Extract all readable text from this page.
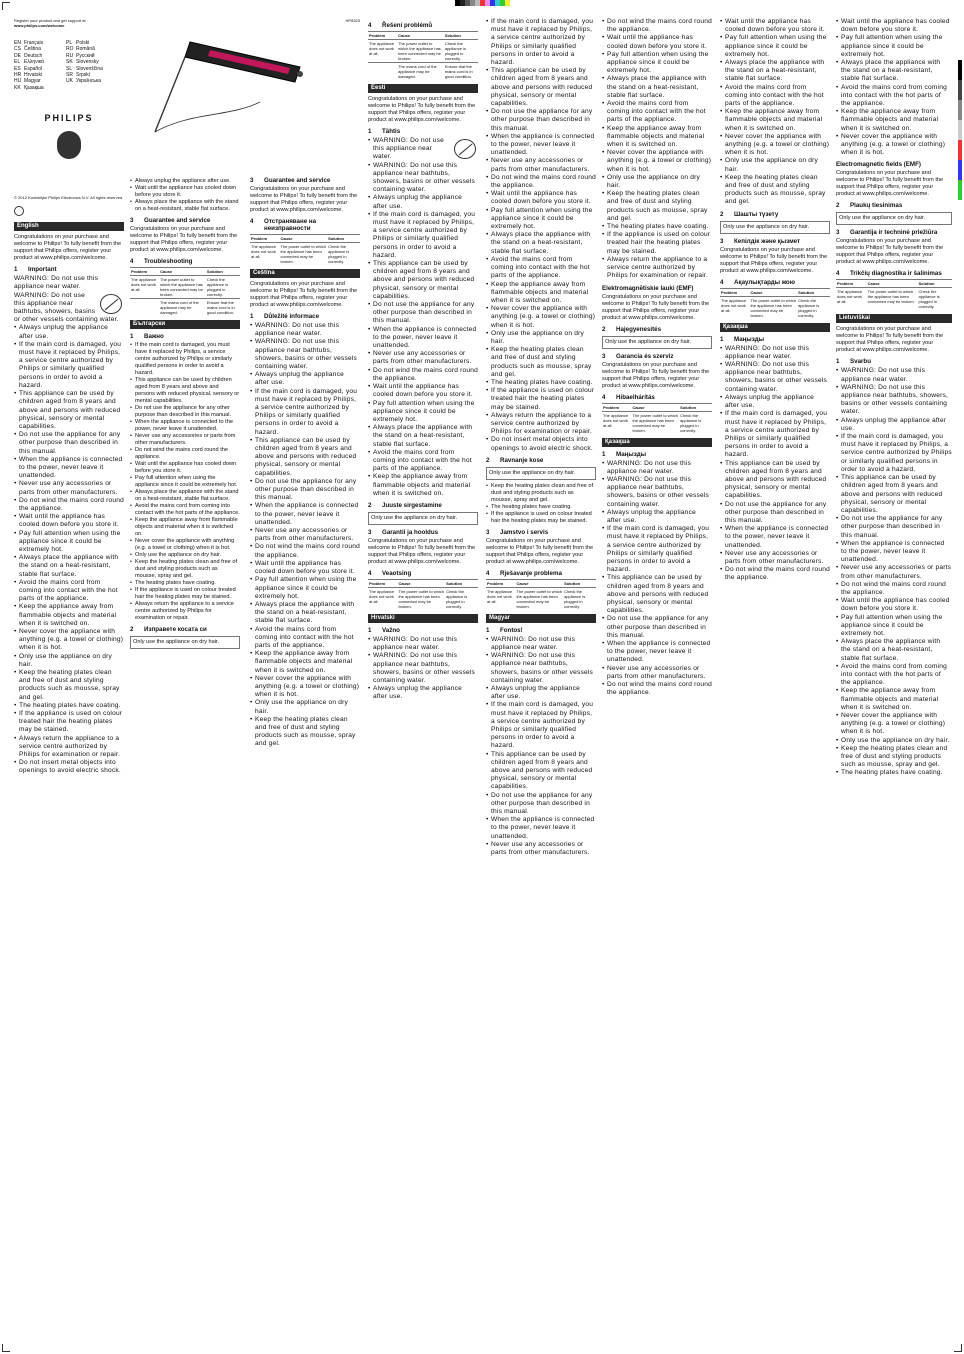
Register your product and get support at
www.philips.com/welcome
EN Français	PL Polski
CS Čeština	RO Română
DE Deutsch	RU Русский
EL Ελληνικά	SK Slovensky
ES Español	SL Slovenščina
HR Hrvatski	SR Srpski
HU Magyar	UK Українська
KK Қазақша
PHILIPS
© 2012 Koninklijke Philips Electronics N.V. All rights reserved.
English
Congratulations on your purchase and welcome to Philips! To fully benefit from the support that Philips offers, register your product at www.philips.com/welcome.
1	Important
WARNING: Do not use this appliance near water.
WARNING: Do not use this appliance near bathtubs, showers, basins or other vessels containing water.
• Always unplug the appliance after use.
• If the main cord is damaged, you must have it replaced by Philips, a service centre authorized by Philips or similarly qualified persons in order to avoid a hazard.
• This appliance can be used by children aged from 8 years and above and persons with reduced physical, sensory or mental capabilities.
• Do not use the appliance for any other purpose than described in this manual.
• When the appliance is connected to the power, never leave it unattended.
• Never use any accessories or parts from other manufacturers.
• Do not wind the mains cord round the appliance.
• Wait until the appliance has cooled down before you store it.
• Pay full attention when using the appliance since it could be extremely hot.
• Always place the appliance with the stand on a heat-resistant, stable flat surface.
• Avoid the mains cord from coming into contact with the hot parts of the appliance.
• Keep the appliance away from flammable objects and material when it is switched on.
• Never cover the appliance with anything (e.g. a towel or clothing) when it is hot.
• Only use the appliance on dry hair.
• Keep the heating plates clean and free of dust and styling products such as mousse, spray and gel.
• The heating plates have coating.
• If the appliance is used on colour treated hair the heating plates may be stained.
• Always return the appliance to a service centre authorized by Philips for examination or repair.
• Do not insert metal objects into openings to avoid electric shock.
• Always unplug the appliance after use.
• Wait until the appliance has cooled down before you store it.
• Always place the appliance with the stand on a heat-resistant, stable flat surface.
3	Guarantee and service
Congratulations on your purchase and welcome to Philips! To fully benefit from the support that Philips offers, register your product at www.philips.com/welcome.
4	Troubleshooting
Problem	Cause	Solution
The appliance does not work at all.	The power outlet to which the appliance has been connected may be broken.	Check the appliance is plugged in correctly.
	The mains cord of the appliance may be damaged.	Ensure that the mains cord is in good condition.
Български
1	Важно
• If the main cord is damaged, you must have it replaced by Philips, a service centre authorized by Philips or similarly qualified persons in order to avoid a hazard.
• This appliance can be used by children aged from 8 years and above and persons with reduced physical, sensory or mental capabilities.
• Do not use the appliance for any other purpose than described in this manual.
• When the appliance is connected to the power, never leave it unattended.
• Never use any accessories or parts from other manufacturers.
• Do not wind the mains cord round the appliance.
• Wait until the appliance has cooled down before you store it.
• Pay full attention when using the appliance since it could be extremely hot.
• Always place the appliance with the stand on a heat-resistant, stable flat surface.
• Avoid the mains cord from coming into contact with the hot parts of the appliance.
• Keep the appliance away from flammable objects and material when it is switched on.
• Never cover the appliance with anything (e.g. a towel or clothing) when it is hot.
• Only use the appliance on dry hair.
• Keep the heating plates clean and free of dust and styling products such as mousse, spray and gel.
• The heating plates have coating.
• If the appliance is used on colour treated hair the heating plates may be stained.
• Always return the appliance to a service centre authorized by Philips for examination or repair.
2	Изправете косата си
Only use the appliance on dry hair.
HP8323
3	Guarantee and service
Congratulations on your purchase and welcome to Philips! To fully benefit from the support that Philips offers, register your product at www.philips.com/welcome.
4	Отстраняване на неизправности
Problem	Cause	Solution
The appliance does not work at all.	The power outlet to which the appliance has been connected may be broken.	Check the appliance is plugged in correctly.
Čeština
Congratulations on your purchase and welcome to Philips! To fully benefit from the support that Philips offers, register your product at www.philips.com/welcome.
1	Důležité informace
• WARNING: Do not use this appliance near water.
• WARNING: Do not use this appliance near bathtubs, showers, basins or other vessels containing water.
• Always unplug the appliance after use.
• If the main cord is damaged, you must have it replaced by Philips, a service centre authorized by Philips or similarly qualified persons in order to avoid a hazard.
• This appliance can be used by children aged from 8 years and above and persons with reduced physical, sensory or mental capabilities.
• Do not use the appliance for any other purpose than described in this manual.
• When the appliance is connected to the power, never leave it unattended.
• Never use any accessories or parts from other manufacturers.
• Do not wind the mains cord round the appliance.
• Wait until the appliance has cooled down before you store it.
• Pay full attention when using the appliance since it could be extremely hot.
• Always place the appliance with the stand on a heat-resistant, stable flat surface.
• Avoid the mains cord from coming into contact with the hot parts of the appliance.
• Keep the appliance away from flammable objects and material when it is switched on.
• Never cover the appliance with anything (e.g. a towel or clothing) when it is hot.
• Only use the appliance on dry hair.
• Keep the heating plates clean and free of dust and styling products such as mousse, spray and gel.
4	Řešení problémů
Problem	Cause	Solution
The appliance does not work at all.	The power outlet to which the appliance has been connected may be broken.	Check the appliance is plugged in correctly.
	The mains cord of the appliance may be damaged.	Ensure that the mains cord is in good condition.
Eesti
Congratulations on your purchase and welcome to Philips! To fully benefit from the support that Philips offers, register your product at www.philips.com/welcome.
1	Tähtis
• WARNING: Do not use this appliance near water.
• WARNING: Do not use this appliance near bathtubs, showers, basins or other vessels containing water.
• Always unplug the appliance after use.
• If the main cord is damaged, you must have it replaced by Philips, a service centre authorized by Philips or similarly qualified persons in order to avoid a hazard.
• This appliance can be used by children aged from 8 years and above and persons with reduced physical, sensory or mental capabilities.
• Do not use the appliance for any other purpose than described in this manual.
• When the appliance is connected to the power, never leave it unattended.
• Never use any accessories or parts from other manufacturers.
• Do not wind the mains cord round the appliance.
• Wait until the appliance has cooled down before you store it.
• Pay full attention when using the appliance since it could be extremely hot.
• Always place the appliance with the stand on a heat-resistant, stable flat surface.
• Avoid the mains cord from coming into contact with the hot parts of the appliance.
• Keep the appliance away from flammable objects and material when it is switched on.
2	Juuste sirgestamine
Only use the appliance on dry hair.
3	Garantii ja hooldus
Congratulations on your purchase and welcome to Philips! To fully benefit from the support that Philips offers, register your product at www.philips.com/welcome.
4	Veaotsing
Problem	Cause	Solution
The appliance does not work at all.	The power outlet to which the appliance has been connected may be broken.	Check the appliance is plugged in correctly.
Hrvatski
1	Važno
• WARNING: Do not use this appliance near water.
• WARNING: Do not use this appliance near bathtubs, showers, basins or other vessels containing water.
• Always unplug the appliance after use.
• If the main cord is damaged, you must have it replaced by Philips, a service centre authorized by Philips or similarly qualified persons in order to avoid a hazard.
• This appliance can be used by children aged from 8 years and above and persons with reduced physical, sensory or mental capabilities.
• Do not use the appliance for any other purpose than described in this manual.
• When the appliance is connected to the power, never leave it unattended.
• Never use any accessories or parts from other manufacturers.
• Do not wind the mains cord round the appliance.
• Wait until the appliance has cooled down before you store it.
• Pay full attention when using the appliance since it could be extremely hot.
• Always place the appliance with the stand on a heat-resistant, stable flat surface.
• Avoid the mains cord from coming into contact with the hot parts of the appliance.
• Keep the appliance away from flammable objects and material when it is switched on.
• Never cover the appliance with anything (e.g. a towel or clothing) when it is hot.
• Only use the appliance on dry hair.
• Keep the heating plates clean and free of dust and styling products such as mousse, spray and gel.
• The heating plates have coating.
• If the appliance is used on colour treated hair the heating plates may be stained.
• Always return the appliance to a service centre authorized by Philips for examination or repair.
• Do not insert metal objects into openings to avoid electric shock.
2	Ravnanje kose
Only use the appliance on dry hair.
• Keep the heating plates clean and free of dust and styling products such as mousse, spray and gel.
• The heating plates have coating.
• If the appliance is used on colour treated hair the heating plates may be stained.
3	Jamstvo i servis
Congratulations on your purchase and welcome to Philips! To fully benefit from the support that Philips offers, register your product at www.philips.com/welcome.
4	Rješavanje problema
Problem	Cause	Solution
The appliance does not work at all.	The power outlet to which the appliance has been connected may be broken.	Check the appliance is plugged in correctly.
Magyar
1	Fontos!
• WARNING: Do not use this appliance near water.
• WARNING: Do not use this appliance near bathtubs, showers, basins or other vessels containing water.
• Always unplug the appliance after use.
• If the main cord is damaged, you must have it replaced by Philips, a service centre authorized by Philips or similarly qualified persons in order to avoid a hazard.
• This appliance can be used by children aged from 8 years and above and persons with reduced physical, sensory or mental capabilities.
• Do not use the appliance for any other purpose than described in this manual.
• When the appliance is connected to the power, never leave it unattended.
• Never use any accessories or parts from other manufacturers.
• Do not wind the mains cord round the appliance.
• Wait until the appliance has cooled down before you store it.
• Pay full attention when using the appliance since it could be extremely hot.
• Always place the appliance with the stand on a heat-resistant, stable flat surface.
• Avoid the mains cord from coming into contact with the hot parts of the appliance.
• Keep the appliance away from flammable objects and material when it is switched on.
• Never cover the appliance with anything (e.g. a towel or clothing) when it is hot.
• Only use the appliance on dry hair.
• Keep the heating plates clean and free of dust and styling products such as mousse, spray and gel.
• The heating plates have coating.
• If the appliance is used on colour treated hair the heating plates may be stained.
• Always return the appliance to a service centre authorized by Philips for examination or repair.
Elektromagnētiskie lauki (EMF)
Congratulations on your purchase and welcome to Philips! To fully benefit from the support that Philips offers, register your product at www.philips.com/welcome.
2	Hajegyenesítés
Only use the appliance on dry hair.
3	Garancia és szerviz
Congratulations on your purchase and welcome to Philips! To fully benefit from the support that Philips offers, register your product at www.philips.com/welcome.
4	Hibaelhárítás
Problem	Cause	Solution
The appliance does not work at all.	The power outlet to which the appliance has been connected may be broken.	Check the appliance is plugged in correctly.
Қазақша
1	Маңызды
• WARNING: Do not use this appliance near water.
• WARNING: Do not use this appliance near bathtubs, showers, basins or other vessels containing water.
• Always unplug the appliance after use.
• If the main cord is damaged, you must have it replaced by Philips, a service centre authorized by Philips or similarly qualified persons in order to avoid a hazard.
• This appliance can be used by children aged from 8 years and above and persons with reduced physical, sensory or mental capabilities.
• Do not use the appliance for any other purpose than described in this manual.
• When the appliance is connected to the power, never leave it unattended.
• Never use any accessories or parts from other manufacturers.
• Do not wind the mains cord round the appliance.
• Wait until the appliance has cooled down before you store it.
• Pay full attention when using the appliance since it could be extremely hot.
• Always place the appliance with the stand on a heat-resistant, stable flat surface.
• Avoid the mains cord from coming into contact with the hot parts of the appliance.
• Keep the appliance away from flammable objects and material when it is switched on.
• Never cover the appliance with anything (e.g. a towel or clothing) when it is hot.
• Only use the appliance on dry hair.
• Keep the heating plates clean and free of dust and styling products such as mousse, spray and gel.
2	Шашты түзету
Only use the appliance on dry hair.
3	Кепілдік және қызмет
Congratulations on your purchase and welcome to Philips! To fully benefit from the support that Philips offers, register your product at www.philips.com/welcome.
4	Ақаулықтарды жою
Problem	Cause	Solution
The appliance does not work at all.	The power outlet to which the appliance has been connected may be broken.	Check the appliance is plugged in correctly.
Қазақша
1	Маңызды
• WARNING: Do not use this appliance near water.
• WARNING: Do not use this appliance near bathtubs, showers, basins or other vessels containing water.
• Always unplug the appliance after use.
• If the main cord is damaged, you must have it replaced by Philips, a service centre authorized by Philips or similarly qualified persons in order to avoid a hazard.
• This appliance can be used by children aged from 8 years and above and persons with reduced physical, sensory or mental capabilities.
• Do not use the appliance for any other purpose than described in this manual.
• When the appliance is connected to the power, never leave it unattended.
• Never use any accessories or parts from other manufacturers.
• Do not wind the mains cord round the appliance.
• Wait until the appliance has cooled down before you store it.
• Pay full attention when using the appliance since it could be extremely hot.
• Always place the appliance with the stand on a heat-resistant, stable flat surface.
• Avoid the mains cord from coming into contact with the hot parts of the appliance.
• Keep the appliance away from flammable objects and material when it is switched on.
• Never cover the appliance with anything (e.g. a towel or clothing) when it is hot.
Electromagnetic fields (EMF)
Congratulations on your purchase and welcome to Philips! To fully benefit from the support that Philips offers, register your product at www.philips.com/welcome.
2	Plaukų tiesinimas
Only use the appliance on dry hair.
3	Garantija ir techninė priežiūra
Congratulations on your purchase and welcome to Philips! To fully benefit from the support that Philips offers, register your product at www.philips.com/welcome.
4	Trikčių diagnostika ir šalinimas
Problem	Cause	Solution
The appliance does not work at all.	The power outlet to which the appliance has been connected may be broken.	Check the appliance is plugged in correctly.
Lietuviškai
Congratulations on your purchase and welcome to Philips! To fully benefit from the support that Philips offers, register your product at www.philips.com/welcome.
1	Svarbu
• WARNING: Do not use this appliance near water.
• WARNING: Do not use this appliance near bathtubs, showers, basins or other vessels containing water.
• Always unplug the appliance after use.
• If the main cord is damaged, you must have it replaced by Philips, a service centre authorized by Philips or similarly qualified persons in order to avoid a hazard.
• This appliance can be used by children aged from 8 years and above and persons with reduced physical, sensory or mental capabilities.
• Do not use the appliance for any other purpose than described in this manual.
• When the appliance is connected to the power, never leave it unattended.
• Never use any accessories or parts from other manufacturers.
• Do not wind the mains cord round the appliance.
• Wait until the appliance has cooled down before you store it.
• Pay full attention when using the appliance since it could be extremely hot.
• Always place the appliance with the stand on a heat-resistant, stable flat surface.
• Avoid the mains cord from coming into contact with the hot parts of the appliance.
• Keep the appliance away from flammable objects and material when it is switched on.
• Never cover the appliance with anything (e.g. a towel or clothing) when it is hot.
• Only use the appliance on dry hair.
• Keep the heating plates clean and free of dust and styling products such as mousse, spray and gel.
• The heating plates have coating.
